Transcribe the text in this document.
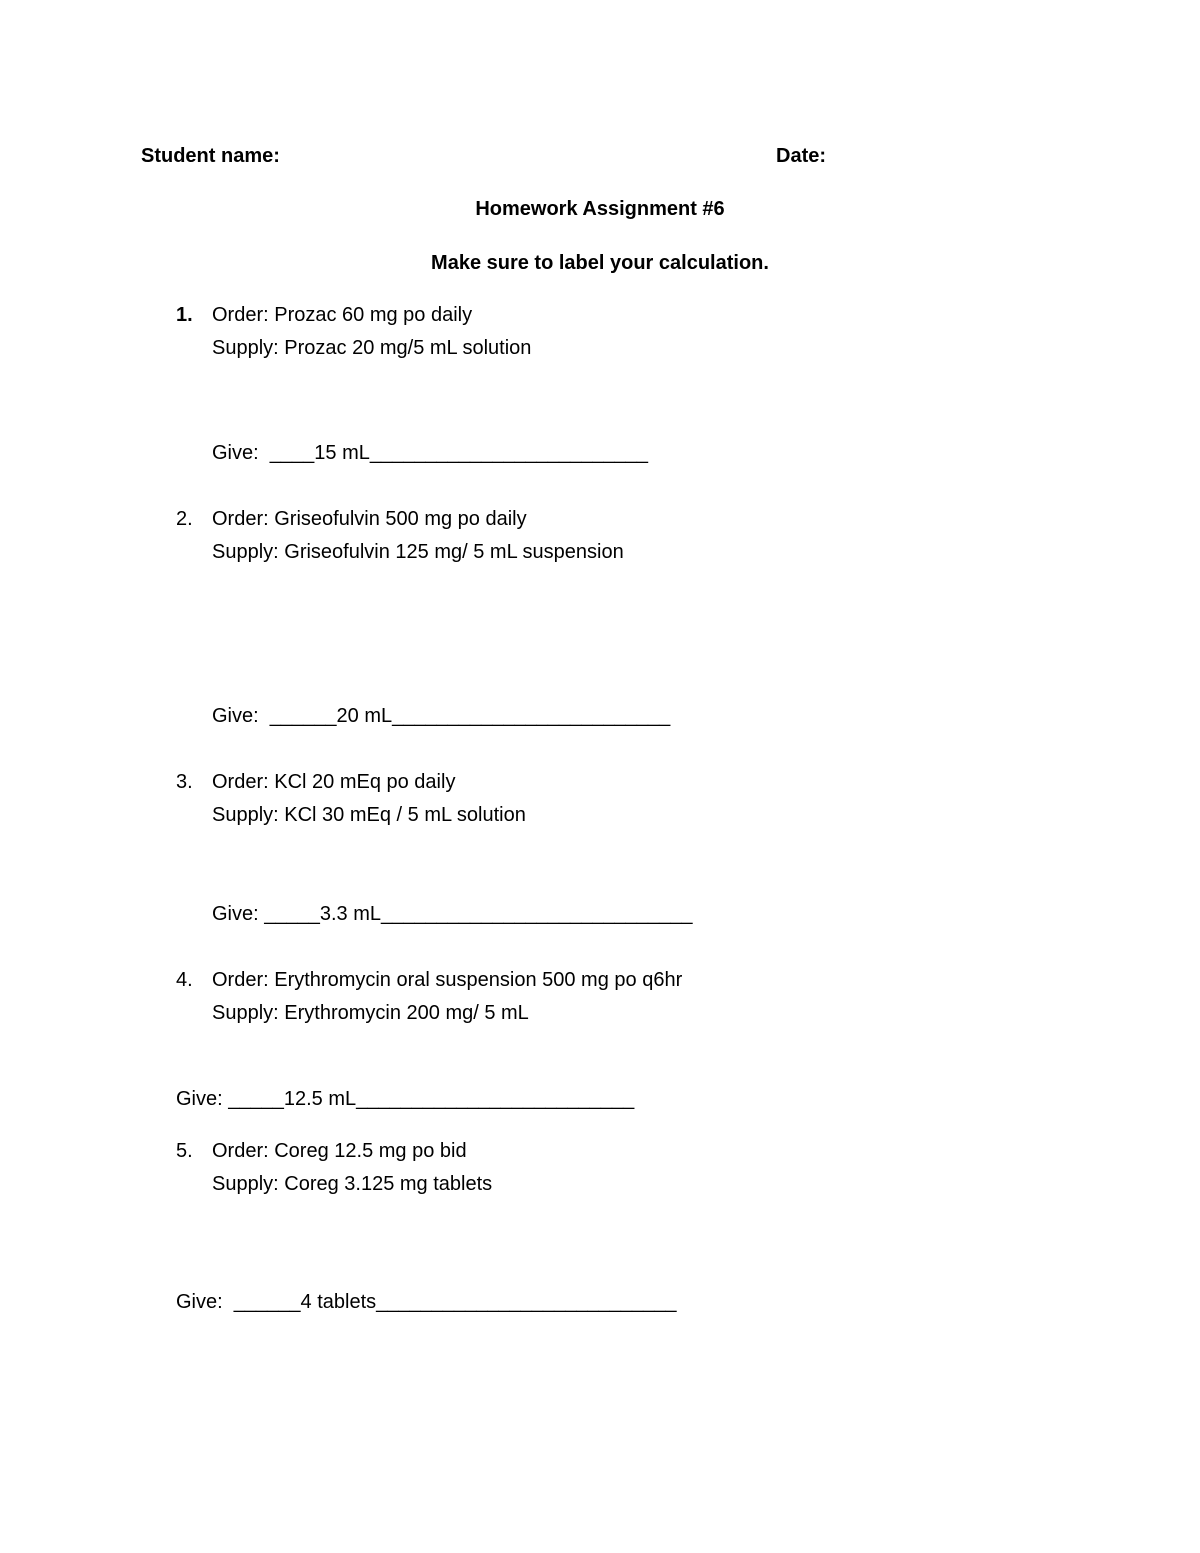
Student name:	Date:
Homework Assignment #6
Make sure to label your calculation.
1. Order: Prozac 60 mg po daily
Supply: Prozac 20 mg/5 mL solution
Give:  ____15 mL_________________________
2. Order: Griseofulvin 500 mg po daily
Supply: Griseofulvin 125 mg/ 5 mL suspension
Give:  ______20 mL_________________________
3. Order: KCl 20 mEq po daily
Supply: KCl 30 mEq / 5 mL solution
Give: _____3.3 mL____________________________
4. Order: Erythromycin oral suspension 500 mg po q6hr
Supply: Erythromycin 200 mg/ 5 mL
Give: _____12.5 mL_________________________
5. Order: Coreg 12.5 mg po bid
Supply: Coreg 3.125 mg tablets
Give:  ______4 tablets___________________________
